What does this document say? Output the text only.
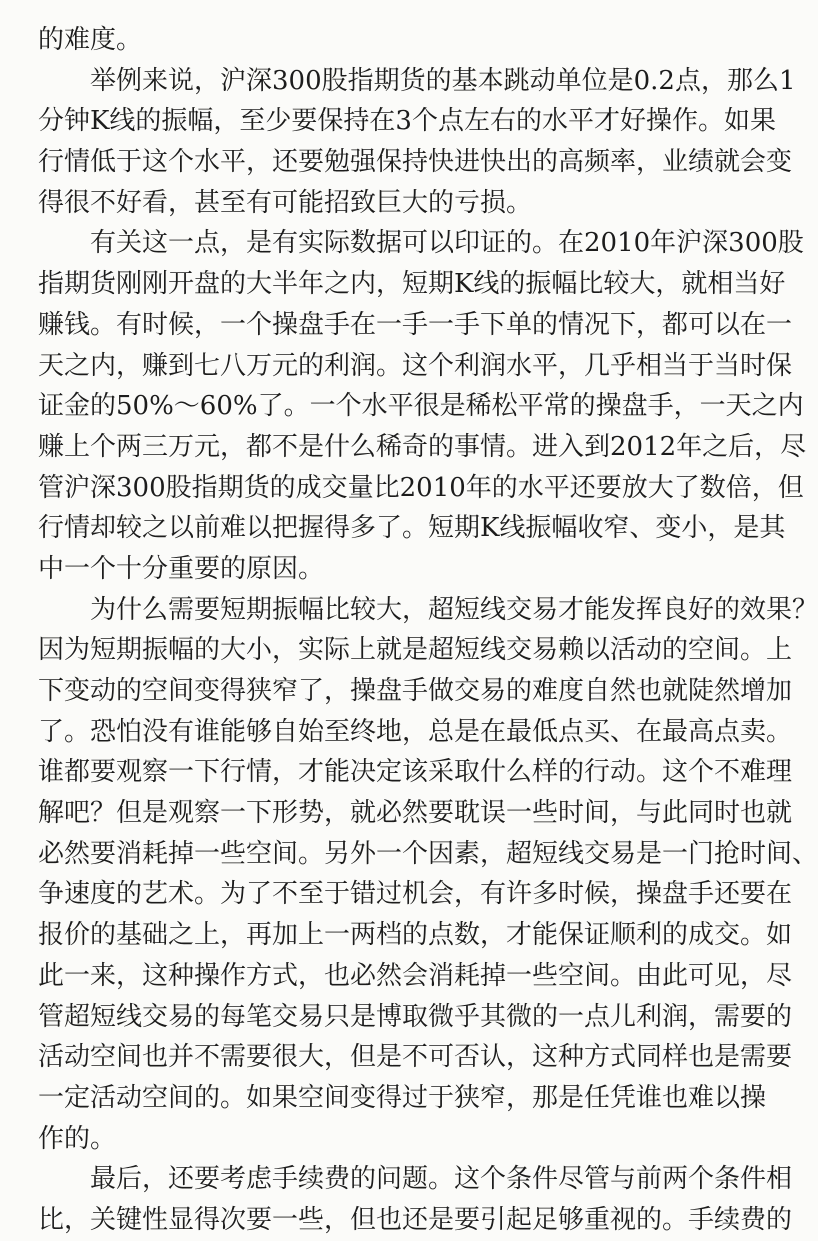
的难度。
举例来说，沪深300股指期货的基本跳动单位是0.2点，那么1
分钟K线的振幅，至少要保持在3个点左右的水平才好操作。如果
行情低于这个水平，还要勉强保持快进快出的高频率，业绩就会变
得很不好看，甚至有可能招致巨大的亏损。
有关这一点，是有实际数据可以印证的。在2010年沪深300股
指期货刚刚开盘的大半年之内，短期K线的振幅比较大，就相当好
赚钱。有时候，一个操盘手在一手一手下单的情况下，都可以在一
天之内，赚到七八万元的利润。这个利润水平，几乎相当于当时保
证金的50%～60%了。一个水平很是稀松平常的操盘手，一天之内
赚上个两三万元，都不是什么稀奇的事情。进入到2012年之后，尽
管沪深300股指期货的成交量比2010年的水平还要放大了数倍，但
行情却较之以前难以把握得多了。短期K线振幅收窄、变小，是其
中一个十分重要的原因。
为什么需要短期振幅比较大，超短线交易才能发挥良好的效果？
因为短期振幅的大小，实际上就是超短线交易赖以活动的空间。上
下变动的空间变得狭窄了，操盘手做交易的难度自然也就陡然增加
了。恐怕没有谁能够自始至终地，总是在最低点买、在最高点卖。
谁都要观察一下行情，才能决定该采取什么样的行动。这个不难理
解吧？但是观察一下形势，就必然要耽误一些时间，与此同时也就
必然要消耗掉一些空间。另外一个因素，超短线交易是一门抢时间、
争速度的艺术。为了不至于错过机会，有许多时候，操盘手还要在
报价的基础之上，再加上一两档的点数，才能保证顺利的成交。如
此一来，这种操作方式，也必然会消耗掉一些空间。由此可见，尽
管超短线交易的每笔交易只是博取微乎其微的一点儿利润，需要的
活动空间也并不需要很大，但是不可否认，这种方式同样也是需要
一定活动空间的。如果空间变得过于狭窄，那是任凭谁也难以操
作的。
最后，还要考虑手续费的问题。这个条件尽管与前两个条件相
比，关键性显得次要一些，但也还是要引起足够重视的。手续费的
